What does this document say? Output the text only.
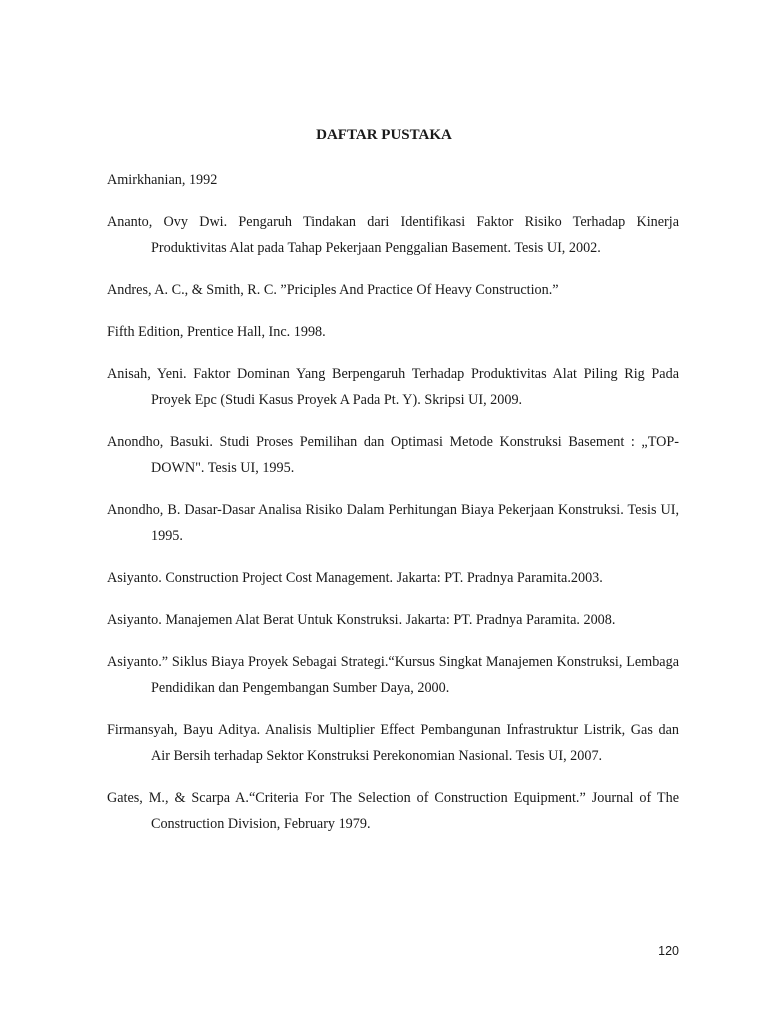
DAFTAR PUSTAKA
Amirkhanian, 1992
Ananto, Ovy Dwi. Pengaruh Tindakan dari Identifikasi Faktor Risiko Terhadap Kinerja Produktivitas Alat pada Tahap Pekerjaan Penggalian Basement. Tesis UI, 2002.
Andres, A. C., & Smith, R. C. ”Priciples And Practice Of Heavy Construction.”
Fifth Edition, Prentice Hall, Inc. 1998.
Anisah, Yeni. Faktor Dominan Yang Berpengaruh Terhadap Produktivitas Alat Piling Rig Pada Proyek Epc (Studi Kasus Proyek A Pada Pt. Y). Skripsi UI, 2009.
Anondho, Basuki. Studi Proses Pemilihan dan Optimasi Metode Konstruksi Basement : „TOP-DOWN". Tesis UI, 1995.
Anondho, B. Dasar-Dasar Analisa Risiko Dalam Perhitungan Biaya Pekerjaan Konstruksi. Tesis UI, 1995.
Asiyanto. Construction Project Cost Management. Jakarta: PT. Pradnya Paramita.2003.
Asiyanto. Manajemen Alat Berat Untuk Konstruksi. Jakarta: PT. Pradnya Paramita. 2008.
Asiyanto.” Siklus Biaya Proyek Sebagai Strategi.“Kursus Singkat Manajemen Konstruksi, Lembaga Pendidikan dan Pengembangan Sumber Daya, 2000.
Firmansyah, Bayu Aditya. Analisis Multiplier Effect Pembangunan Infrastruktur Listrik, Gas dan Air Bersih terhadap Sektor Konstruksi Perekonomian Nasional. Tesis UI, 2007.
Gates, M., & Scarpa A.“Criteria For The Selection of Construction Equipment.” Journal of The Construction Division, February 1979.
120
